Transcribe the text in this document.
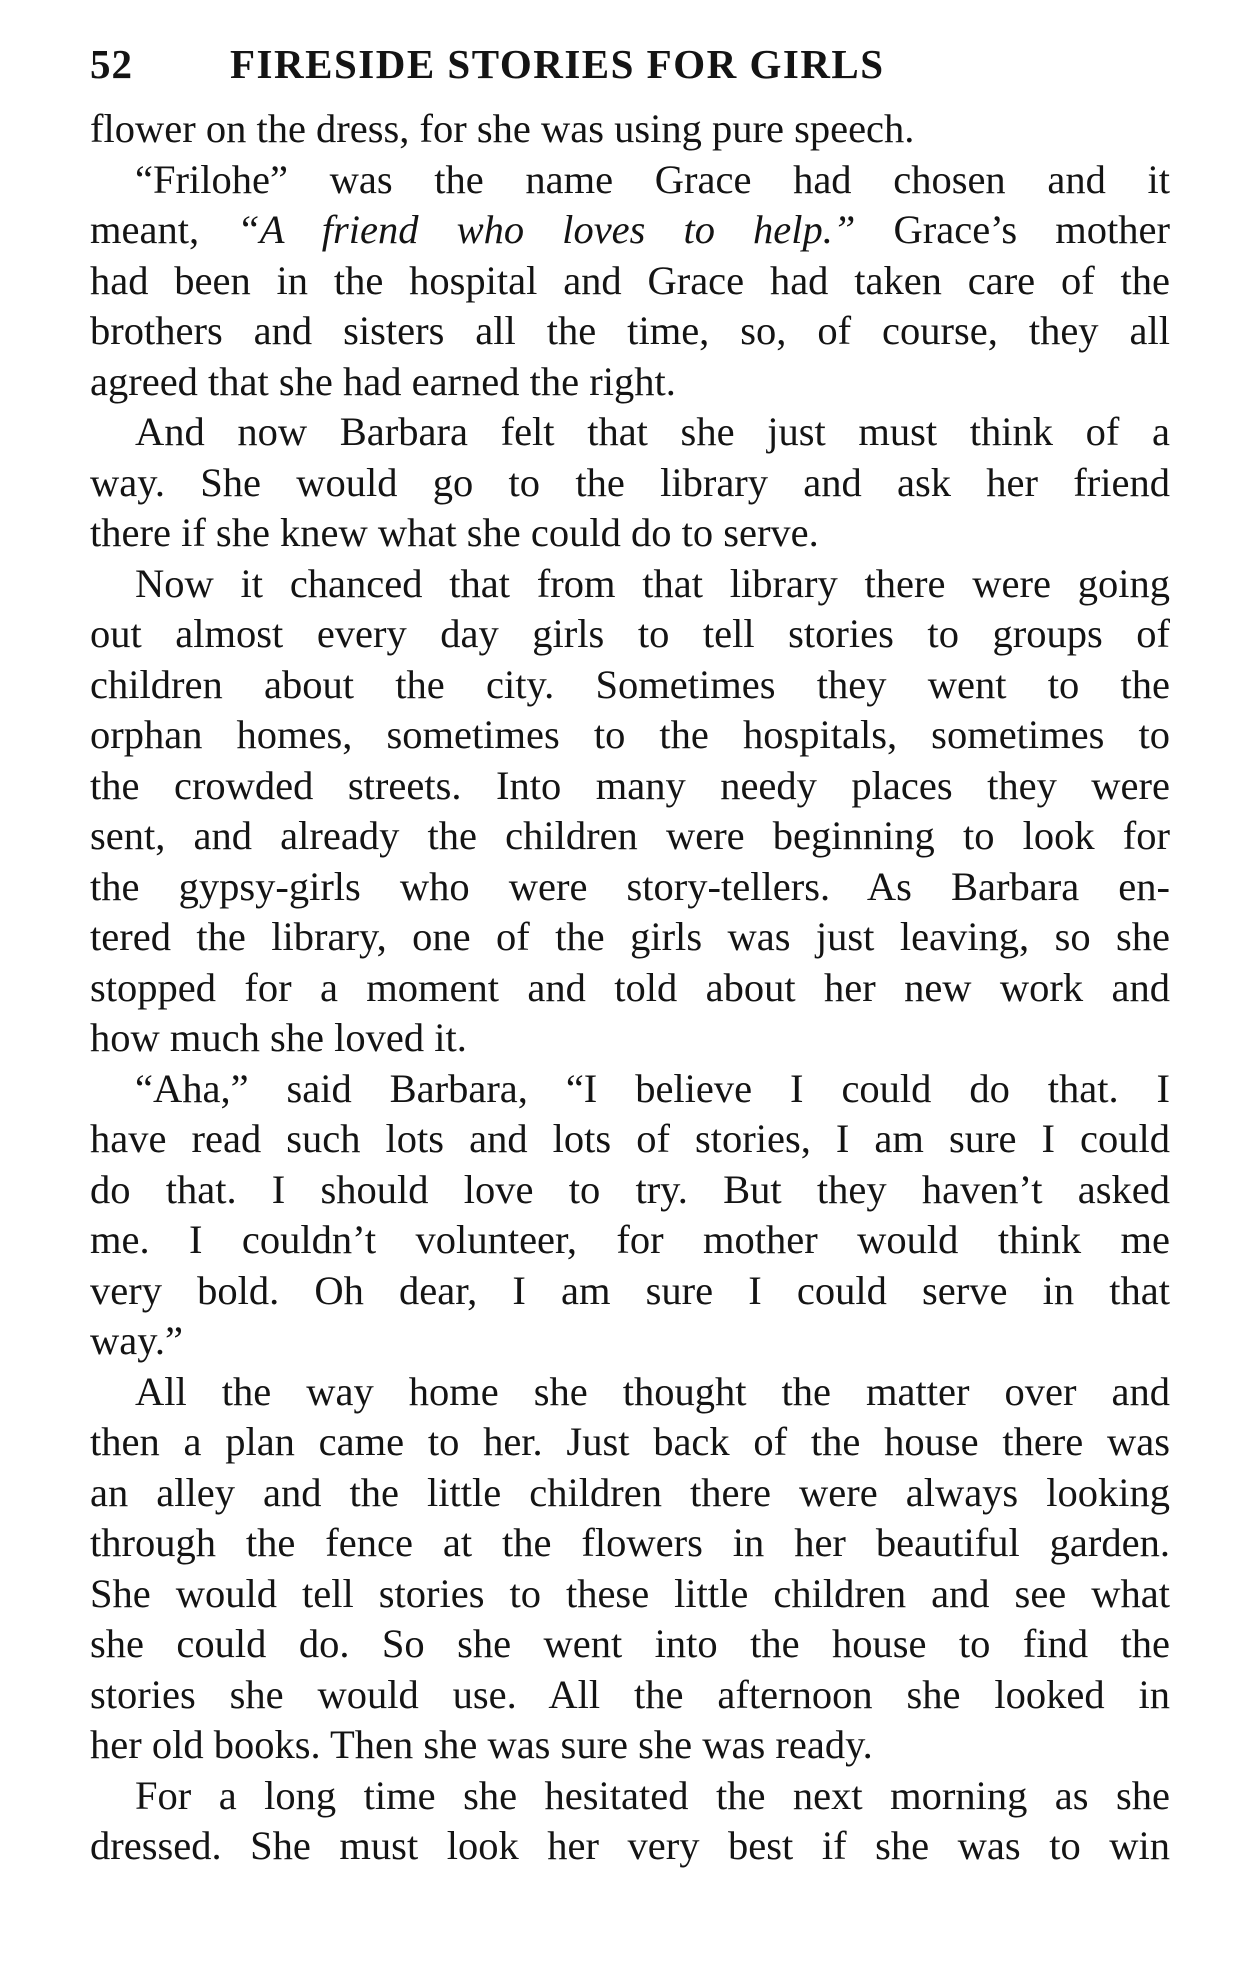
52	FIRESIDE STORIES FOR GIRLS
flower on the dress, for she was using pure speech.
“Frilohe” was the name Grace had chosen and it
meant, “A friend who loves to help.” Grace’s mother
had been in the hospital and Grace had taken care of the
brothers and sisters all the time, so, of course, they all
agreed that she had earned the right.
And now Barbara felt that she just must think of a
way. She would go to the library and ask her friend
there if she knew what she could do to serve.
Now it chanced that from that library there were going
out almost every day girls to tell stories to groups of
children about the city. Sometimes they went to the
orphan homes, sometimes to the hospitals, sometimes to
the crowded streets. Into many needy places they were
sent, and already the children were beginning to look for
the gypsy-girls who were story-tellers. As Barbara en-
tered the library, one of the girls was just leaving, so she
stopped for a moment and told about her new work and
how much she loved it.
“Aha,” said Barbara, “I believe I could do that. I
have read such lots and lots of stories, I am sure I could
do that. I should love to try. But they haven’t asked
me. I couldn’t volunteer, for mother would think me
very bold. Oh dear, I am sure I could serve in that
way.”
All the way home she thought the matter over and
then a plan came to her. Just back of the house there was
an alley and the little children there were always looking
through the fence at the flowers in her beautiful garden.
She would tell stories to these little children and see what
she could do. So she went into the house to find the
stories she would use. All the afternoon she looked in
her old books. Then she was sure she was ready.
For a long time she hesitated the next morning as she
dressed. She must look her very best if she was to win
